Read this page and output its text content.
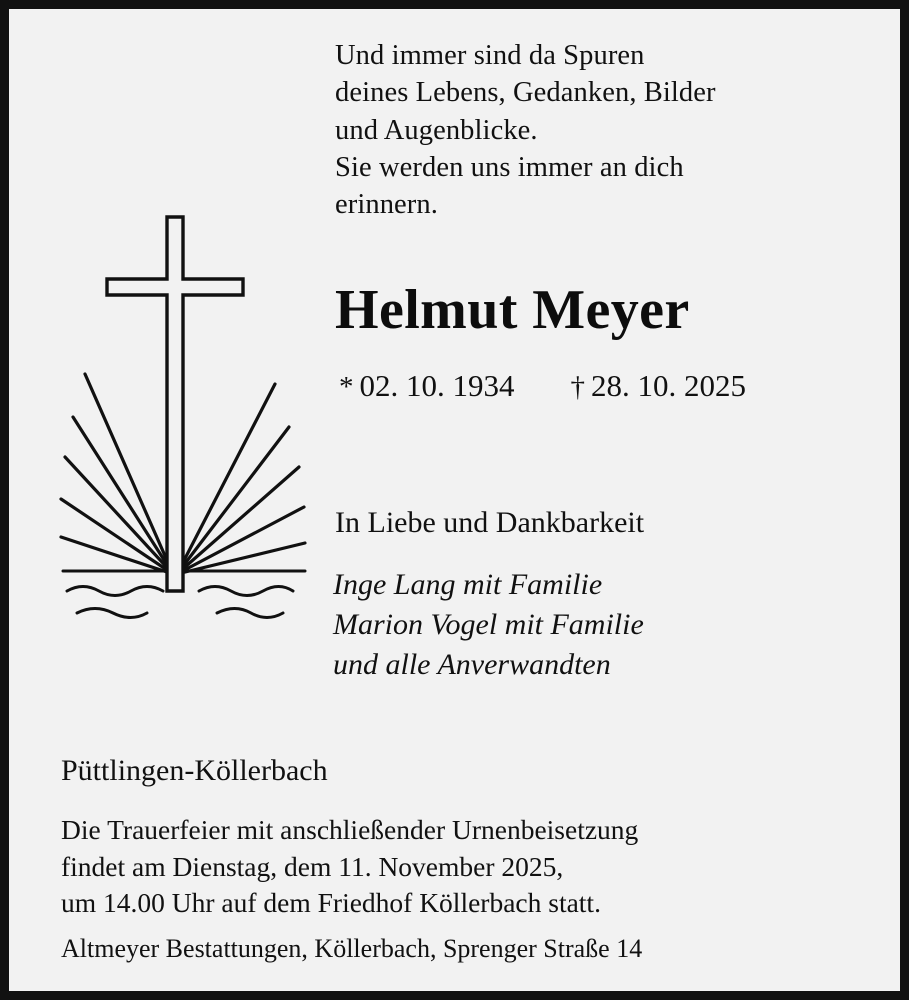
Und immer sind da Spuren
deines Lebens, Gedanken, Bilder
und Augenblicke.
Sie werden uns immer an dich
erinnern.
Helmut Meyer
* 02. 10. 1934 † 28. 10. 2025
In Liebe und Dankbarkeit
Inge Lang mit Familie
Marion Vogel mit Familie
und alle Anverwandten
Püttlingen-Köllerbach
Die Trauerfeier mit anschließender Urnenbeisetzung
findet am Dienstag, dem 11. November 2025,
um 14.00 Uhr auf dem Friedhof Köllerbach statt.
Altmeyer Bestattungen, Köllerbach, Sprenger Straße 14
